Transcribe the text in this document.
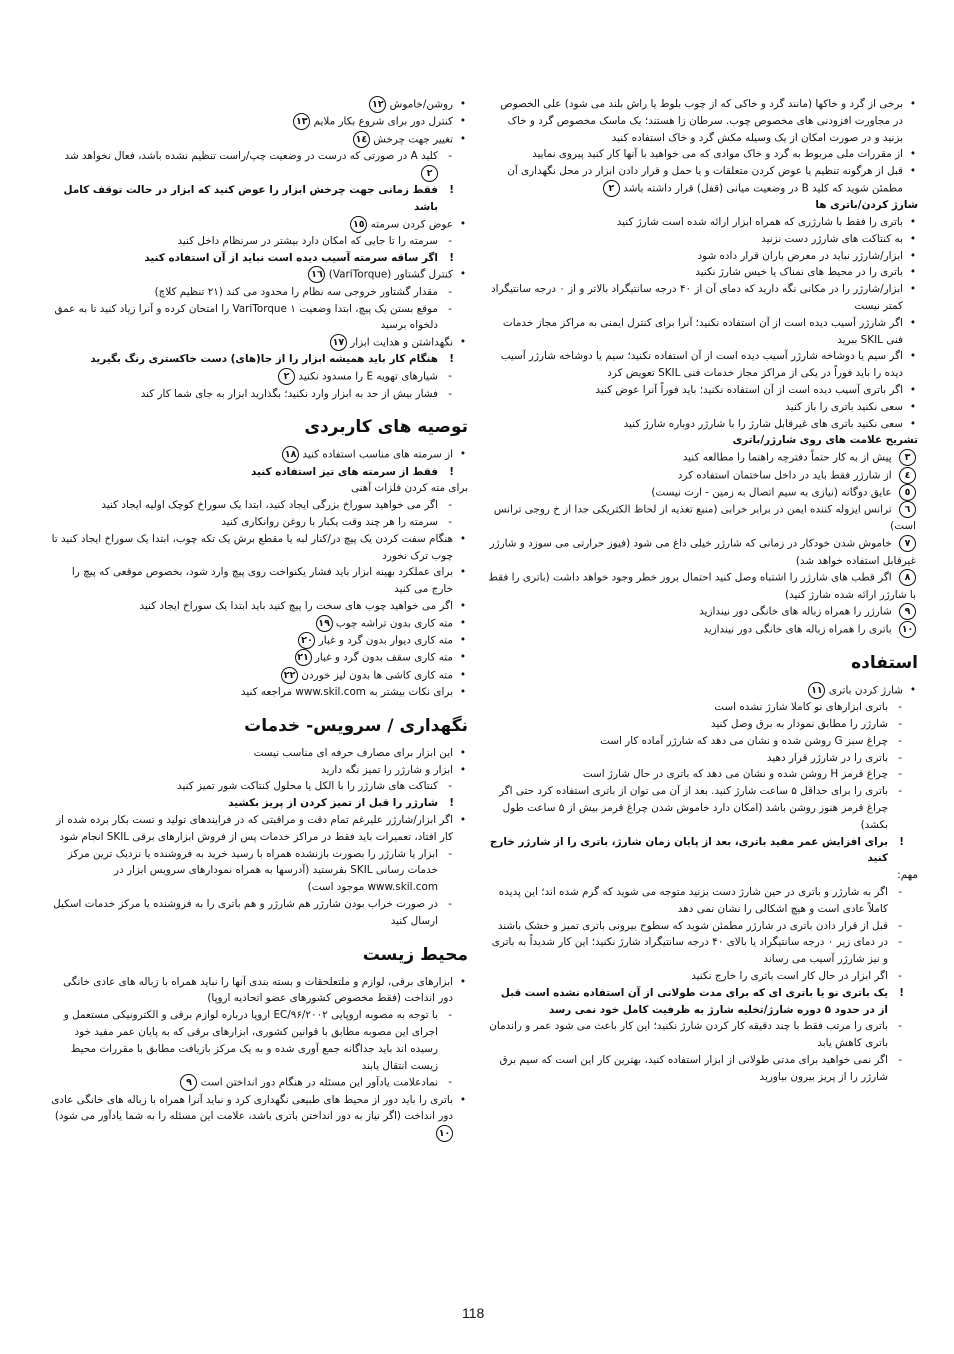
• برخی از گرد و خاکها (مانند گرد و خاکی که از چوب بلوط یا راش بلند می شود) علی الخصوص در مجاورت افزودنی های مخصوص چوب. سرطان زا هستند؛ یک ماسک مخصوص گرد و خاک بزنید و در صورت امکان از یک وسیله مکش گرد و خاک استفاده کنید
• از مقررات ملی مربوط به گرد و خاک موادی که می خواهید با آنها کار کنید پیروی نمایید
• قبل از هرگونه تنظیم یا عوض کردن متعلقات و یا حمل و قرار دادن ابزار در محل نگهداری آن مطمئن شوید که کلید B در وضعیت میانی (قفل) قرار داشته باشد ٢
شارژ کردن/باتری ها
• باتری را فقط با شارژری که همراه ابزار ارائه شده است شارژ کنید
• به کنتاکت های شارژر دست نزنید
• ابزار/شارژر نباید در معرض باران قرار داده شود
• باتری را در محیط های نمناک یا خیس شارژ نکنید
• ابزار/شارژر را در مکانی نگه دارید که دمای آن از ۴۰ درجه سانتیگراد بالاتر و از ۰ درجه سانتیگراد کمتر نیست
• اگر شارژر آسیب دیده است از آن استفاده نکنید؛ آنرا برای کنترل ایمنی به مراکز مجاز خدمات فنی SKIL ببرید
• اگر سیم یا دوشاخه شارژر آسیب دیده است از آن استفاده نکنید؛ سیم یا دوشاخه شارژر آسیب دیده را باید فوراً در یکی از مراکز مجاز خدمات فنی SKIL تعویض کرد
• اگر باتری آسیب دیده است از آن استفاده نکنید؛ باید فوراً آنرا عوض کنید
• سعی نکنید باتری را باز کنید
• سعی نکنید باتری های غیرقابل شارژ را با شارژر دوباره شارژ کنید
تشریح علامت های روی شارژر/باتری
٣ پیش از به کار حتماً دفترچه راهنما را مطالعه کنید
٤ از شارژر فقط باید در داخل ساختمان استفاده کرد
٥ عایق دوگانه (نیازی به سیم اتصال به زمین - ارت نیست)
٦ ترانس ایزوله کننده ایمن در برابر خرابی (منبع تغذیه از لحاظ الکتریکی جدا از خ روجی ترانس است)
٧ خاموش شدن خودکار در زمانی که شارژر خیلی داغ می شود (فیوز حرارتی می سوزد و شارژر غیرقابل استفاده خواهد شد)
٨ اگر قطب های شارژر را اشتباه وصل کنید احتمال بروز خطر وجود خواهد داشت (باتری را فقط با شارژر ارائه شده شارژ کنید)
٩ شارژر را همراه زباله های خانگی دور نیندازید
١٠ باتری را همراه زباله های خانگی دور نیندازید
استفاده
• شارژ کردن باتری ١١
- باتری ابزارهای نو کاملا شارژ نشده است
- شارژر را مطابق نمودار به برق وصل کنید
- چراغ سبز G روشن شده و نشان می دهد که شارژر آماده کار است
- باتری را در شارژر قرار دهید
- چراغ قرمز H روشن شده و نشان می دهد که باتری در حال شارژ است
- باتری را برای حداقل ۵ ساعت شارژ کنید. بعد از آن می توان از باتری استفاده کرد حتی اگر چراغ قرمز هنوز روشن باشد (امکان دارد خاموش شدن چراغ قرمز بیش از ۵ ساعت طول بکشد)
! برای افزایش عمر مفید باتری، بعد از پایان زمان شارژ، باتری را از شارژر خارج کنید
مهم:
- اگر به شارژر و باتری در حین شارژ دست بزنید متوجه می شوید که گرم شده اند؛ این پدیده کاملاً عادی است و هیچ اشکالی را نشان نمی دهد
- قبل از قرار دادن باتری در شارژر مطمئن شوید که سطوح بیرونی باتری تمیز و خشک باشند
- در دمای زیر ۰ درجه سانتیگراد یا بالای ۴۰ درجه سانتیگراد شارژ نکنید؛ این کار شدیداً به باتری و نیز شارژر آسیب می رساند
- اگر ابزار در حال کار است باتری را خارج نکنید
! یک باتری نو یا باتری ای که برای مدت طولانی از آن استفاده نشده است قبل از در حدود ۵ دوره شارژ/تخلیه شارژ به ظرفیت کامل خود نمی رسد
- باتری را مرتب فقط با چند دقیقه کار کردن شارژ نکنید؛ این کار باعث می شود عمر و راندمان باتری کاهش یابد
- اگر نمی خواهید برای مدتی طولانی از ابزار استفاده کنید، بهترین کار این است که سیم برق شارژر را از پریز بیرون بیاورید
• روشن/خاموش ١٢
• کنترل دور برای شروع بکار ملایم ١٣
• تغییر جهت چرخش ١٤
- کلید A در صورتی که درست در وضعیت چپ/راست تنظیم نشده باشد، فعال نخواهد شد ٢
! فقط زمانی جهت چرخش ابزار را عوض کنید که ابزار در حالت توقف کامل باشد
• عوض کردن سرمته ١٥
- سرمته را تا جایی که امکان دارد بیشتر در سرنظام داخل کنید
! اگر ساقه سرمته آسیب دیده است نباید از آن استفاده کنید
• کنترل گشتاور (VariTorque) ١٦
- مقدار گشتاور خروجی سه نظام را محدود می کند (۲۱ تنظیم کلاچ)
- موقع بستن یک پیچ، ابتدا وضعیت ۱ VariTorque را امتحان کرده و آنرا زیاد کنید تا به عمق دلخواه برسید
• نگهداشتن و هدایت ابزار ١٧
! هنگام کار باید همیشه ابزار را از جا(های) دست خاکستری رنگ بگیرید
- شیارهای تهویه E را مسدود نکنید ٢
- فشار بیش از حد به ابزار وارد نکنید؛ بگذارید ابزار به جای شما کار کند
توصیه های کاربردی
• از سرمته های مناسب استفاده کنید ١٨
! فقط از سرمته های تیز استفاده کنید
برای مته کردن فلزات آهنی
- اگر می خواهید سوراخ بزرگی ایجاد کنید، ابتدا یک سوراخ کوچک اولیه ایجاد کنید
- سرمته را هر چند وقت یکبار با روغن روانکاری کنید
• هنگام سفت کردن یک پیچ در/کنار لبه یا مقطع برش یک تکه چوب، ابتدا یک سوراخ ایجاد کنید تا چوب ترک نخورد
• برای عملکرد بهینه ابزار باید فشار یکنواخت روی پیچ وارد شود، بخصوص موقعی که پیچ را خارج می کنید
• اگر می خواهید چوب های سخت را پیچ کنید باید ابتدا یک سوراخ ایجاد کنید
• مته کاری بدون تراشه چوب ١٩
• مته کاری دیوار بدون گرد و غبار ٢٠
• مته کاری سقف بدون گرد و غبار ٢١
• مته کاری کاشی ها بدون لیز خوردن ٢٢
• برای نکات بیشتر به www.skil.com مراجعه کنید
نگهداری / سرویس- خدمات
• این ابزار برای مصارف حرفه ای مناسب نیست
• ابزار و شارژر را تمیز نگه دارید
- کنتاکت های شارژر را با الکل یا محلول کنتاکت شور تمیز کنید
! شارژر را قبل از تمیز کردن از پریز بکشید
• اگر ابزار/شارژر علیرغم تمام دقت و مراقبتی که در فرایندهای تولید و تست بکار برده شده از کار افتاد، تعمیرات باید فقط در مراکز خدمات پس از فروش ابزارهای برقی SKIL انجام شود
- ابزار یا شارژر را بصورت بازنشده همراه با رسید خرید به فروشنده یا نزدیک ترین مرکز خدمات رسانی SKIL بفرستید (آدرسها به همراه نمودارهای سرویس ابزار در www.skil.com موجود است)
- در صورت خراب بودن شارژر هم شارژر و هم باتری را به فروشنده یا مرکز خدمات اسکیل ارسال کنید
محیط زیست
• ابزارهای برقی، لوازم و ملتعلحقات و بسته بندی آنها را نباید همراه با زباله های عادی خانگی دور انداخت (فقط مخصوص کشورهای عضو اتحادیه اروپا)
- با توجه به مصوبه اروپایی EC/۹۶/۲۰۰۲ اروپا درباره لوازم برقی و الکترونیکی مستعمل و اجرای این مصوبه مطابق با قوانین کشوری، ابزارهای برقی که به پایان عمر مفید خود رسیده اند باید جداگانه جمع آوری شده و به یک مرکز بازیافت مطابق با مقررات محیط زیست انتقال یابند
- نمادعلامت یادآور این مسئله در هنگام دور انداختن است ٩
• باتری را باید دور از محیط های طبیعی نگهداری کرد و نباید آنرا همراه با زباله های خانگی عادی دور انداخت (اگر نیاز به دور انداختن باتری باشد، علامت این مسئله را به شما یادآور می شود) ١٠
118
